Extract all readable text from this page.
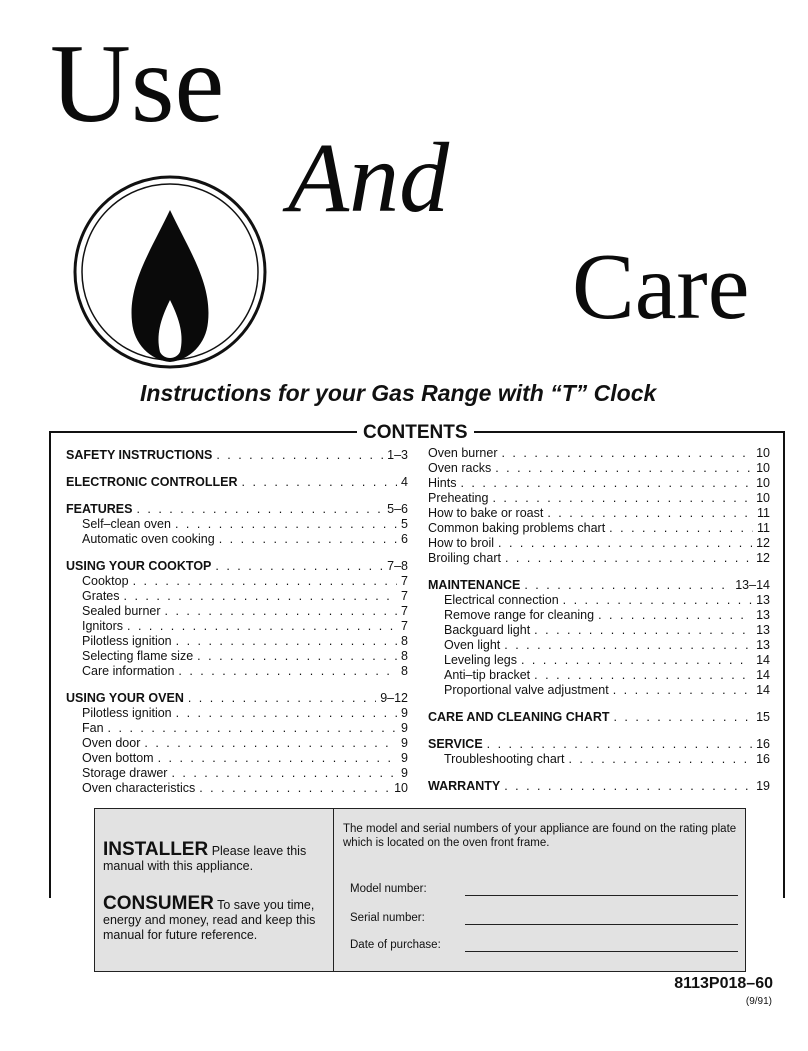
Use
And
Care
Instructions for your Gas Range with “T” Clock
CONTENTS
SAFETY INSTRUCTIONS . . .	1–3
ELECTRONIC CONTROLLER . . .	4
FEATURES . . .	5–6
Self–clean oven . . .	5
Automatic oven cooking . . .	6
USING YOUR COOKTOP . . .	7–8
Cooktop . . .	7
Grates . . .	7
Sealed burner . . .	7
Ignitors . . .	7
Pilotless ignition . . .	8
Selecting flame size . . .	8
Care information . . .	8
USING YOUR OVEN . . .	9–12
Pilotless ignition . . .	9
Fan . . .	9
Oven door . . .	9
Oven bottom . . .	9
Storage drawer . . .	9
Oven characteristics . . .	10
Oven burner . . .	10
Oven racks . . .	10
Hints . . .	10
Preheating . . .	10
How to bake or roast . . .	11
Common baking problems chart . . .	11
How to broil . . .	12
Broiling chart . . .	12
MAINTENANCE . . .	13–14
Electrical connection . . .	13
Remove range for cleaning . . .	13
Backguard light . . .	13
Oven light . . .	13
Leveling legs . . .	14
Anti–tip bracket . . .	14
Proportional valve adjustment . . .	14
CARE AND CLEANING CHART . . .	15
SERVICE . . .	16
Troubleshooting chart . . .	16
WARRANTY . . .	19
INSTALLER Please leave this manual with this appliance.
CONSUMER To save you time, energy and money, read and keep this manual for future reference.
The model and serial numbers of your appliance are found on the rating plate which is located on the oven front frame.
Model number:
Serial number:
Date of purchase:
8113P018–60
(9/91)
